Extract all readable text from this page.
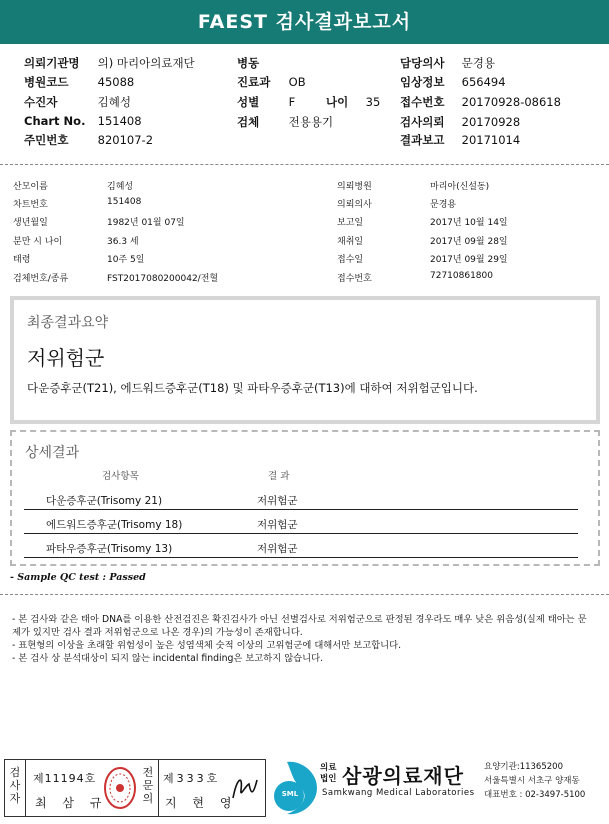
FAEST 검사결과보고서
의뢰기관명 의) 마리아의료재단
병원코드	45088
수진자	김혜성
Chart No. 151408
주민번호	820107-2
병동
진료과 OB
성별	F	나이 35
검체	전용용기
담당의사 문경용
임상정보 656494
접수번호 20170928-08618
검사의뢰 20170928
결과보고 20171014
산모이름	김혜성
차트번호	151408
생년월일	1982년 01월 07일
분만 시 나이	36.3 세
태령	10주 5일
검체번호/종류	FST2017080200042/전혈
의뢰병원	마리아(신설동)
의뢰의사	문경용
보고일	2017년 10월 14일
채취일	2017년 09월 28일
접수일	2017년 09월 29일
접수번호	72710861800
최종결과요약
저위험군
다운증후군(T21), 에드워드증후군(T18) 및 파타우증후군(T13)에 대하여 저위험군입니다.
상세결과
검사항목	결 과
다운증후군(Trisomy 21)	저위험군
에드워드증후군(Trisomy 18)	저위험군
파타우증후군(Trisomy 13)	저위험군
- Sample QC test : Passed
- 본 검사와 같은 태아 DNA를 이용한 산전검진은 확진검사가 아닌 선별검사로 저위험군으로 판정된 경우라도 매우 낮은 위음성(실제 태아는 문제가 있지만 검사 결과 저위험군으로 나온 경우)의 가능성이 존재합니다.
- 표현형의 이상을 초래할 위험성이 높은 성염색체 숫적 이상의 고위험군에 대해서만 보고합니다.
- 본 검사 상 분석대상이 되지 않는 incidental finding은 보고하지 않습니다.
검사자
제11194호
최 삼 규
전문의
제333호
지 현 영
SML
의료
법인 삼광의료재단
Samkwang Medical Laboratories
요양기관:11365200
서울특별시 서초구 양재동
대표번호 : 02-3497-5100
